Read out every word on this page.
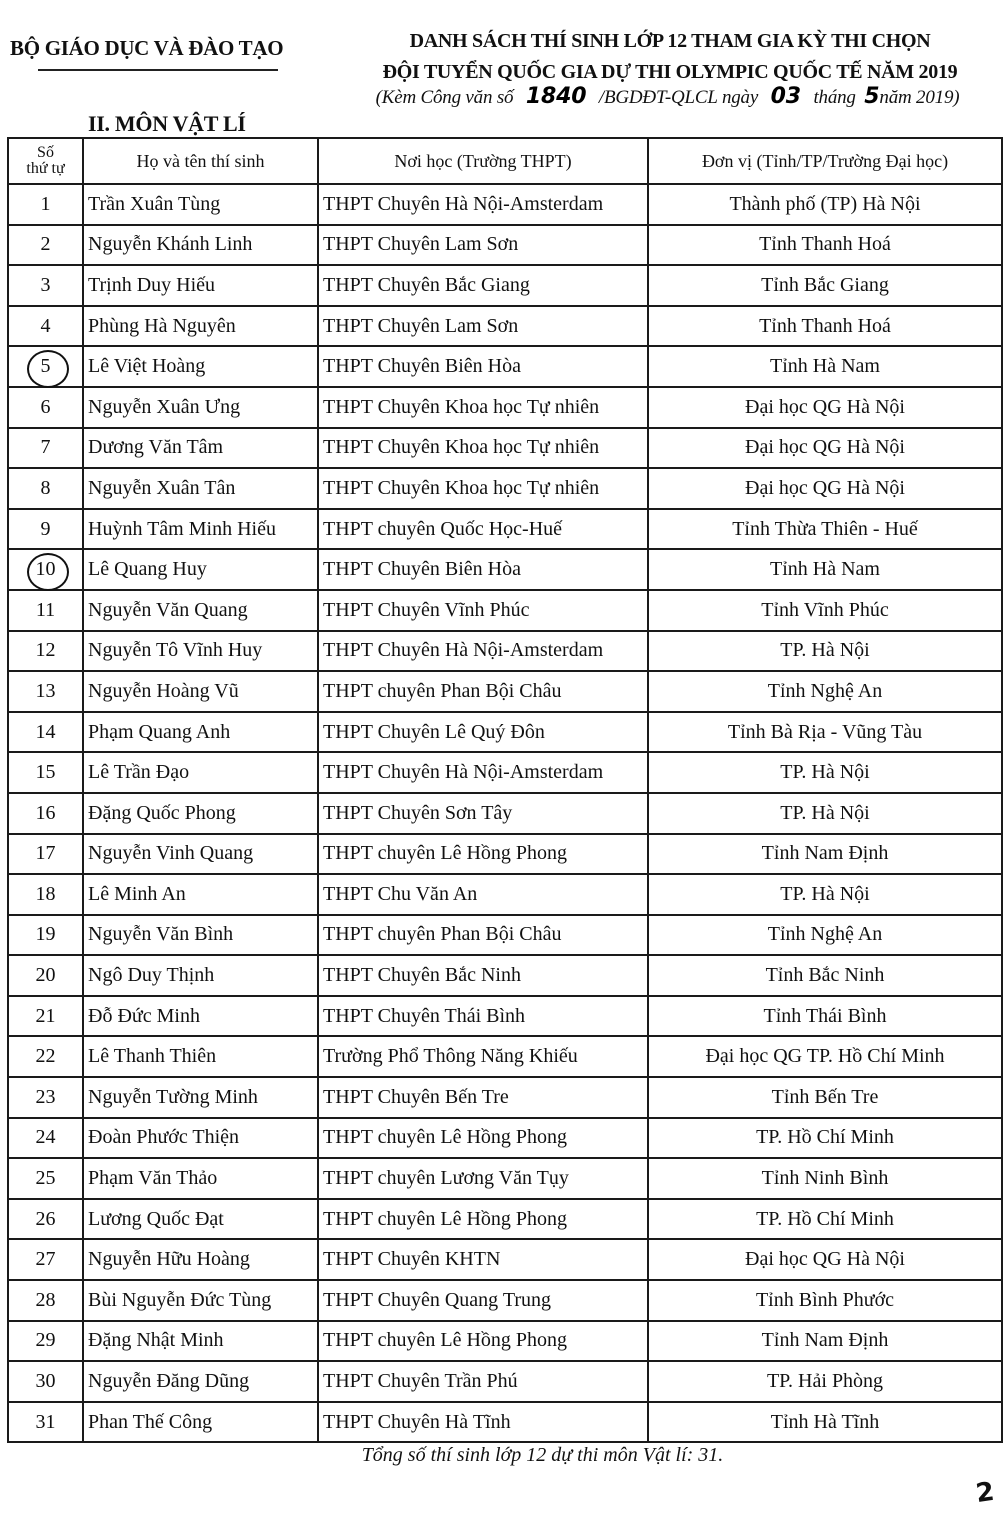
BỘ GIÁO DỤC VÀ ĐÀO TẠO	DANH SÁCH THÍ SINH LỚP 12 THAM GIA KỲ THI CHỌN
ĐỘI TUYỂN QUỐC GIA DỰ THI OLYMPIC QUỐC TẾ NĂM 2019
(Kèm Công văn số 1840 /BGDĐT-QLCL ngày 03 tháng 5năm 2019)
II. MÔN VẬT LÍ
Số
thứ tự	Họ và tên thí sinh	Nơi học (Trường THPT)	Đơn vị (Tỉnh/TP/Trường Đại học)
1	Trần Xuân Tùng	THPT Chuyên Hà Nội-Amsterdam	Thành phố (TP) Hà Nội
2	Nguyễn Khánh Linh	THPT Chuyên Lam Sơn	Tỉnh Thanh Hoá
3	Trịnh Duy Hiếu	THPT Chuyên Bắc Giang	Tỉnh Bắc Giang
4	Phùng Hà Nguyên	THPT Chuyên Lam Sơn	Tỉnh Thanh Hoá
5	Lê Việt Hoàng	THPT Chuyên Biên Hòa	Tỉnh Hà Nam
6	Nguyễn Xuân Ưng	THPT Chuyên Khoa học Tự nhiên	Đại học QG Hà Nội
7	Dương Văn Tâm	THPT Chuyên Khoa học Tự nhiên	Đại học QG Hà Nội
8	Nguyễn Xuân Tân	THPT Chuyên Khoa học Tự nhiên	Đại học QG Hà Nội
9	Huỳnh Tâm Minh Hiếu	THPT chuyên Quốc Học-Huế	Tỉnh Thừa Thiên - Huế
10	Lê Quang Huy	THPT Chuyên Biên Hòa	Tỉnh Hà Nam
11	Nguyễn Văn Quang	THPT Chuyên Vĩnh Phúc	Tỉnh Vĩnh Phúc
12	Nguyễn Tô Vĩnh Huy	THPT Chuyên Hà Nội-Amsterdam	TP. Hà Nội
13	Nguyễn Hoàng Vũ	THPT chuyên Phan Bội Châu	Tỉnh Nghệ An
14	Phạm Quang Anh	THPT Chuyên Lê Quý Đôn	Tỉnh Bà Rịa - Vũng Tàu
15	Lê Trần Đạo	THPT Chuyên Hà Nội-Amsterdam	TP. Hà Nội
16	Đặng Quốc Phong	THPT Chuyên Sơn Tây	TP. Hà Nội
17	Nguyễn Vinh Quang	THPT chuyên Lê Hồng Phong	Tỉnh Nam Định
18	Lê Minh An	THPT Chu Văn An	TP. Hà Nội
19	Nguyễn Văn Bình	THPT chuyên Phan Bội Châu	Tỉnh Nghệ An
20	Ngô Duy Thịnh	THPT Chuyên Bắc Ninh	Tỉnh Bắc Ninh
21	Đỗ Đức Minh	THPT Chuyên Thái Bình	Tỉnh Thái Bình
22	Lê Thanh Thiên	Trường Phổ Thông Năng Khiếu	Đại học QG TP. Hồ Chí Minh
23	Nguyễn Tường Minh	THPT Chuyên Bến Tre	Tỉnh Bến Tre
24	Đoàn Phước Thiện	THPT chuyên Lê Hồng Phong	TP. Hồ Chí Minh
25	Phạm Văn Thảo	THPT chuyên Lương Văn Tụy	Tỉnh Ninh Bình
26	Lương Quốc Đạt	THPT chuyên Lê Hồng Phong	TP. Hồ Chí Minh
27	Nguyễn Hữu Hoàng	THPT Chuyên KHTN	Đại học QG Hà Nội
28	Bùi Nguyễn Đức Tùng	THPT Chuyên Quang Trung	Tỉnh Bình Phước
29	Đặng Nhật Minh	THPT chuyên Lê Hồng Phong	Tỉnh Nam Định
30	Nguyễn Đăng Dũng	THPT Chuyên Trần Phú	TP. Hải Phòng
31	Phan Thế Công	THPT Chuyên Hà Tĩnh	Tỉnh Hà Tĩnh
Tổng số thí sinh lớp 12 dự thi môn Vật lí: 31.
2
